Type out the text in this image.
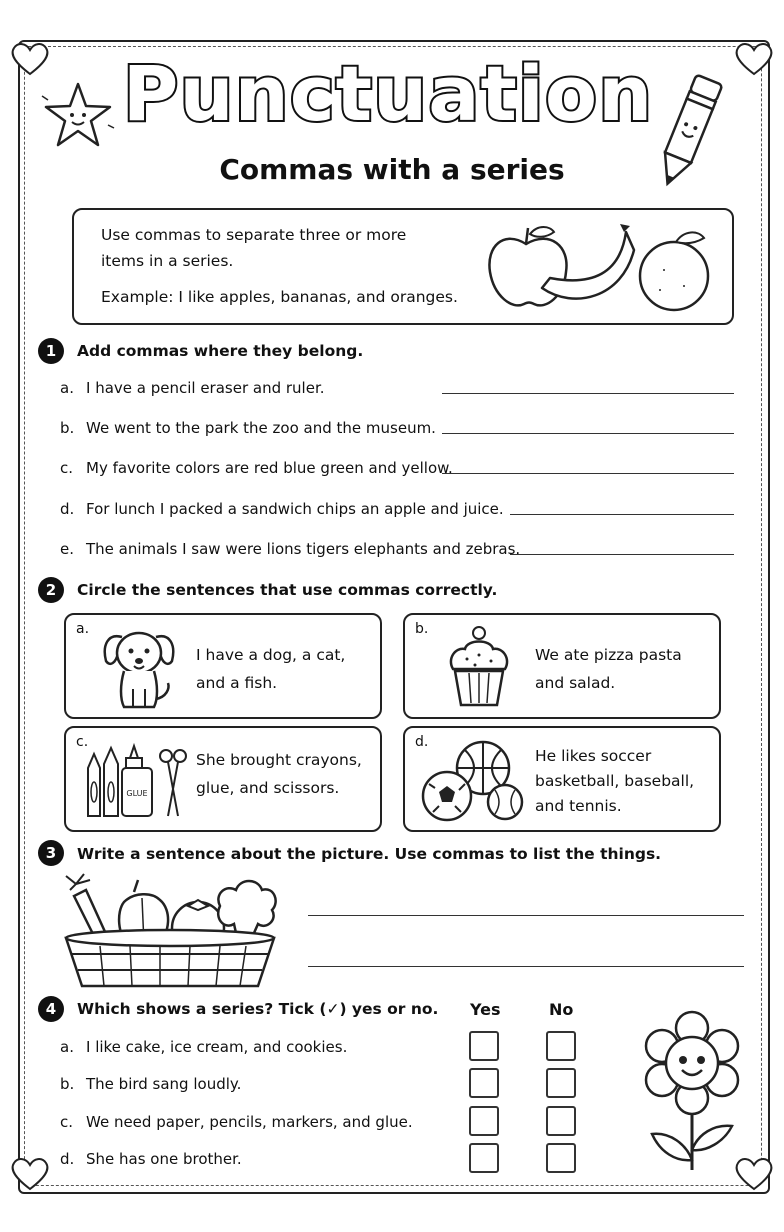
Punctuation
Commas with a series
Use commas to separate three or more
items in a series.
Example: I like apples, bananas, and oranges.
1	Add commas where they belong.
a. I have a pencil eraser and ruler.
b. We went to the park the zoo and the museum.
c. My favorite colors are red blue green and yellow.
d. For lunch I packed a sandwich chips an apple and juice.
e. The animals I saw were lions tigers elephants and zebras.
2	Circle the sentences that use commas correctly.
a.
I have a dog, a cat,
and a fish.
b.
We ate pizza pasta
and salad.
c.
GLUE
She brought crayons,
glue, and scissors.
d.
He likes soccer
basketball, baseball,
and tennis.
3	Write a sentence about the picture. Use commas to list the things.
4	Which shows a series? Tick (✓) yes or no. Yes	No
a. I like cake, ice cream, and cookies.
b. The bird sang loudly.
c. We need paper, pencils, markers, and glue.
d. She has one brother.
